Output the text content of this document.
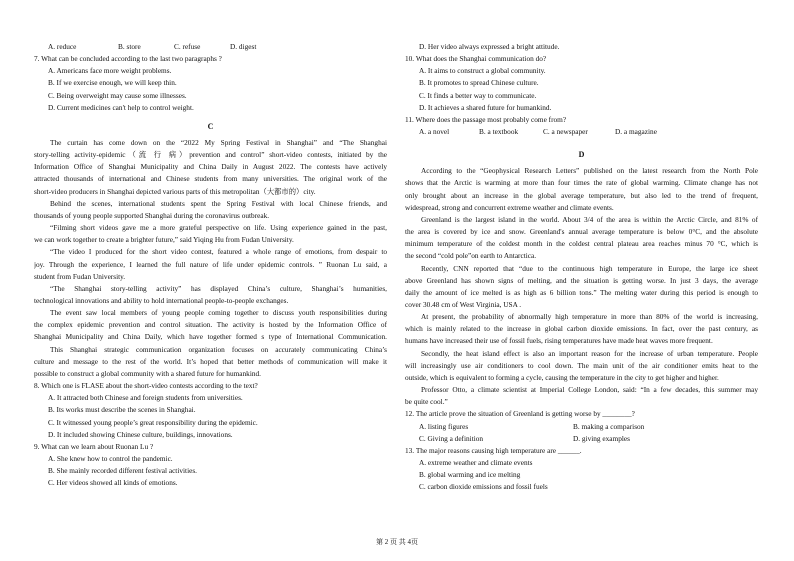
A. reduce	B. store	C. refuse	D. digest
7. What can be concluded according to the last two paragraphs ?
A. Americans face more weight problems.
B. If we exercise enough, we will keep thin.
C. Being overweight may cause some illnesses.
D. Current medicines can't help to control weight.
C
The curtain has come down on the “2022 My Spring Festival in Shanghai” and “The Shanghai
story-telling activity-epidemic（流 行 病）prevention and control” short-video contests, initiated by the
Information Office of Shanghai Municipality and China Daily in August 2022. The contests have actively
attracted thousands of international and Chinese students from many universities. The original work of the
short-video producers in Shanghai depicted various parts of this metropolitan（大都市的）city.
Behind the scenes, international students spent the Spring Festival with local Chinese friends, and
thousands of young people supported Shanghai during the coronavirus outbreak.
“Filming short videos gave me a more grateful perspective on life. Using experience gained in the past,
we can work together to create a brighter future,” said Yiqing Hu from Fudan University.
“The video I produced for the short video contest, featured a whole range of emotions, from despair to
joy. Through the experience, I learned the full nature of life under epidemic controls. ” Ruonan Lu said, a
student from Fudan University.
“The Shanghai story-telling activity” has displayed China’s culture, Shanghai’s humanities,
technological innovations and ability to hold international people-to-people exchanges.
The event saw local members of young people coming together to discuss youth responsibilities during
the complex epidemic prevention and control situation. The activity is hosted by the Information Office of
Shanghai Municipality and China Daily, which have together formed s type of International Communication.
This Shanghai strategic communication organization focuses on accurately communicating China’s
culture and message to the rest of the world. It’s hoped that better methods of communication will make it
possible to construct a global community with a shared future for humankind.
8. Which one is FLASE about the short-video contests according to the text?
A. It attracted both Chinese and foreign students from universities.
B. Its works must describe the scenes in Shanghai.
C. It witnessed young people’s great responsibility during the epidemic.
D. It included showing Chinese culture, buildings, innovations.
9. What can we learn about Ruonan Lu ?
A. She knew how to control the pandemic.
B. She mainly recorded different festival activities.
C. Her videos showed all kinds of emotions.
D. Her video always expressed a bright attitude.
10. What does the Shanghai communication do?
A. It aims to construct a global community.
B. It promotes to spread Chinese culture.
C. It finds a better way to communicate.
D. It achieves a shared future for humankind.
11. Where does the passage most probably come from?
A. a novel	B. a textbook	C. a newspaper	D. a magazine
D
According to the “Geophysical Research Letters” published on the latest research from the North Pole
shows that the Arctic is warming at more than four times the rate of global warming. Climate change has not
only brought about an increase in the global average temperature, but also led to the trend of frequent,
widespread, strong and concurrent extreme weather and climate events.
Greenland is the largest island in the world. About 3/4 of the area is within the Arctic Circle, and 81% of
the area is covered by ice and snow. Greenland's annual average temperature is below 0°C, and the absolute
minimum temperature of the coldest month in the coldest central plateau area reaches minus 70 °C, which is
the second “cold pole”on earth to Antarctica.
Recently, CNN reported that “due to the continuous high temperature in Europe, the large ice sheet
above Greenland has shown signs of melting, and the situation is getting worse. In just 3 days, the average
daily the amount of ice melted is as high as 6 billion tons.” The melting water during this period is enough to
cover 30.48 cm of West Virginia, USA .
At present, the probability of abnormally high temperature in more than 80% of the world is increasing,
which is mainly related to the increase in global carbon dioxide emissions. In fact, over the past century, as
humans have increased their use of fossil fuels, rising temperatures have made heat waves more frequent.
Secondly, the heat island effect is also an important reason for the increase of urban temperature. People
will increasingly use air conditioners to cool down. The main unit of the air conditioner emits heat to the
outside, which is equivalent to forming a cycle, causing the temperature in the city to get higher and higher.
Professor Otto, a climate scientist at Imperial College London, said: “In a few decades, this summer may
be quite cool.”
12. The article prove the situation of Greenland is getting worse by ________?
A. listing figures	B. making a comparison
C. Giving a definition	D. giving examples
13. The major reasons causing high temperature are ______.
A. extreme weather and climate events
B. global warming and ice melting
C. carbon dioxide emissions and fossil fuels
第 2 页 共 4页
